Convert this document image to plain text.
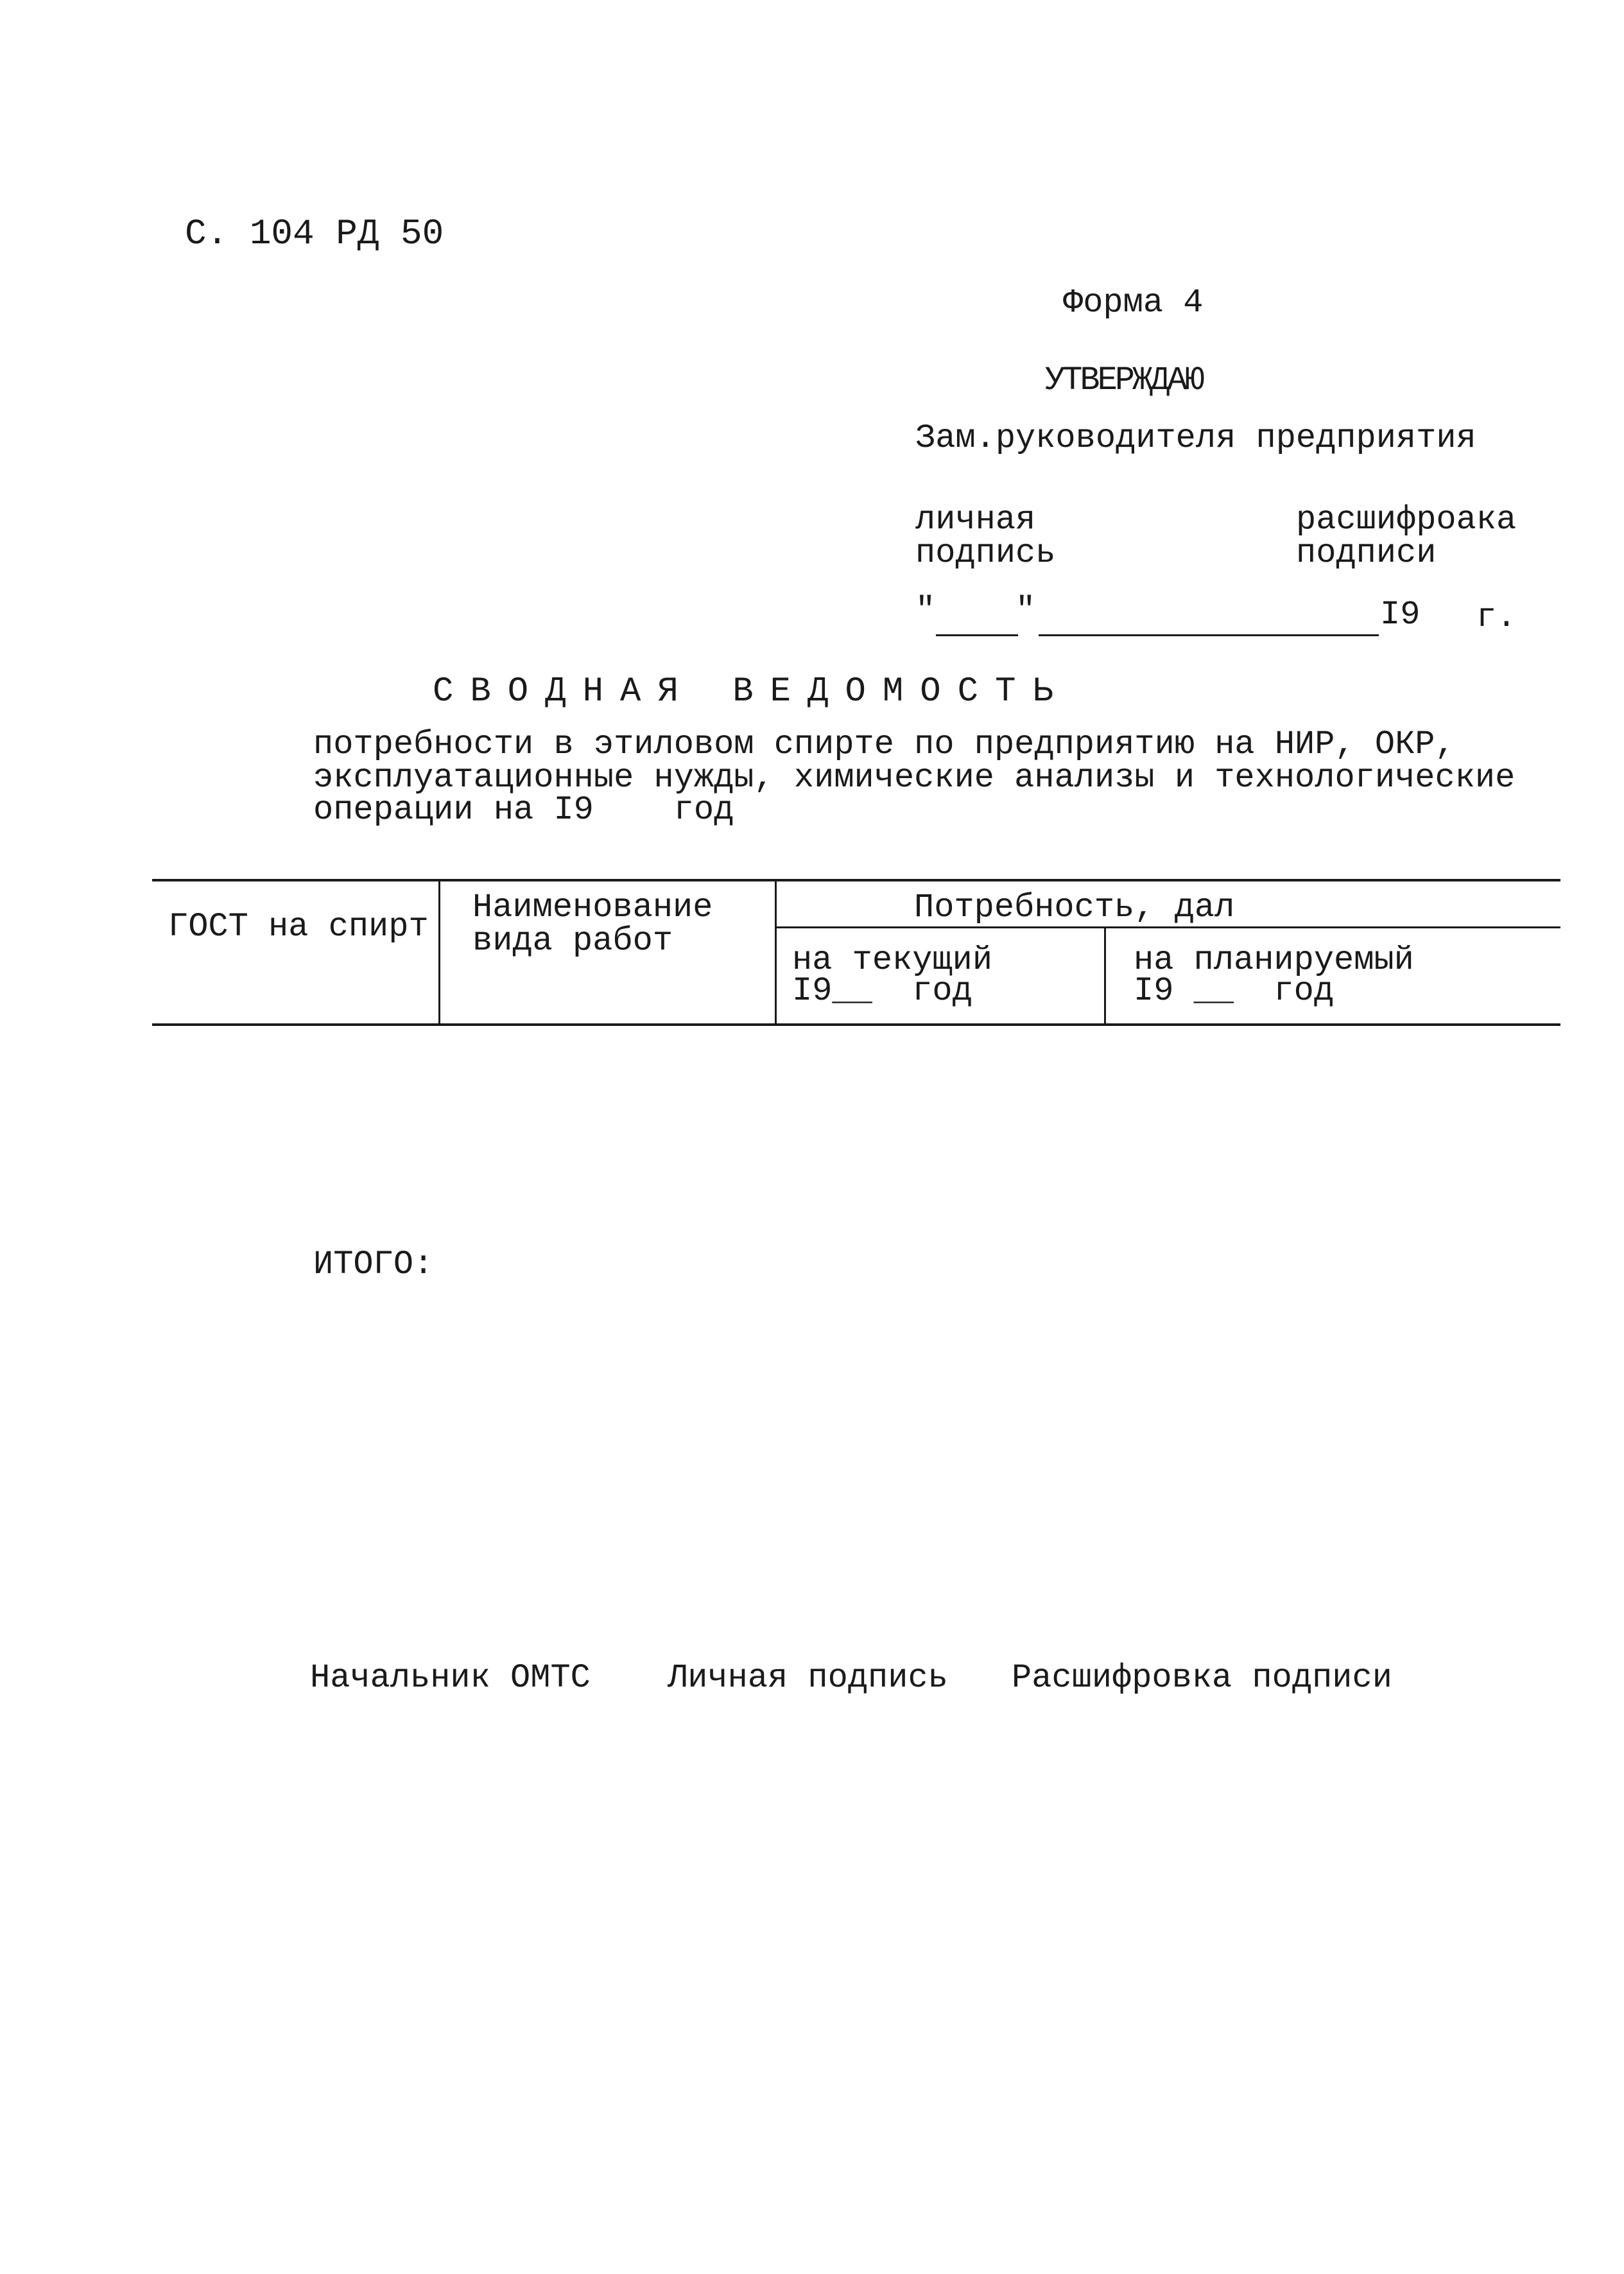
С. 104 РД 50
Форма 4
УТВЕРЖДАЮ
Зам.руководителя предприятия
личная
подпись
расшифроака
подписи
" "	I9 г.
СВОДНАЯ ВЕДОМОСТЬ
потребности в этиловом спирте по предприятию на НИР, ОКР,
эксплуатационные нужды, химические анализы и технологические
операции на I9    год
ГОСТ на спирт
Наименование
вида работ
Потребность, дал
на текущий
I9__  год
на планируемый
I9 __  год
ИТОГО:
Начальник ОМТС Личная подпись Расшифровка подписи
